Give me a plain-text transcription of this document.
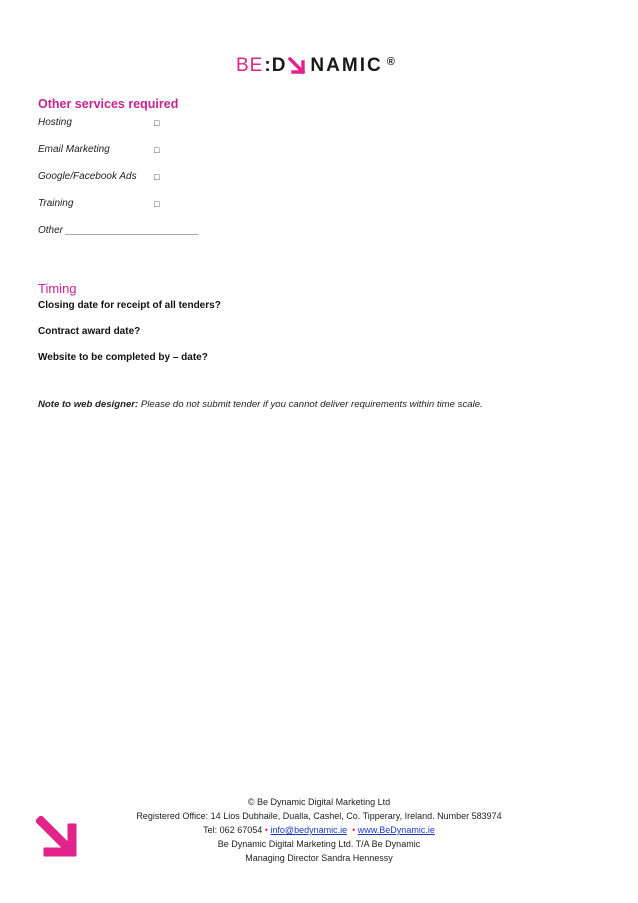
BE : D NAMIC ®
Other services required
Hosting	□
Email Marketing	□
Google/Facebook Ads □
Training	□
Other ________________________
Timing
Closing date for receipt of all tenders?
Contract award date?
Website to be completed by – date?
Note to web designer: Please do not submit tender if you cannot deliver requirements within time scale.
© Be Dynamic Digital Marketing Ltd
Registered Office: 14 Lios Dubhaile, Dualla, Cashel, Co. Tipperary, Ireland. Number 583974
Tel: 062 67054 • info@bedynamic.ie • www.BeDynamic.ie
Be Dynamic Digital Marketing Ltd. T/A Be Dynamic
Managing Director Sandra Hennessy
